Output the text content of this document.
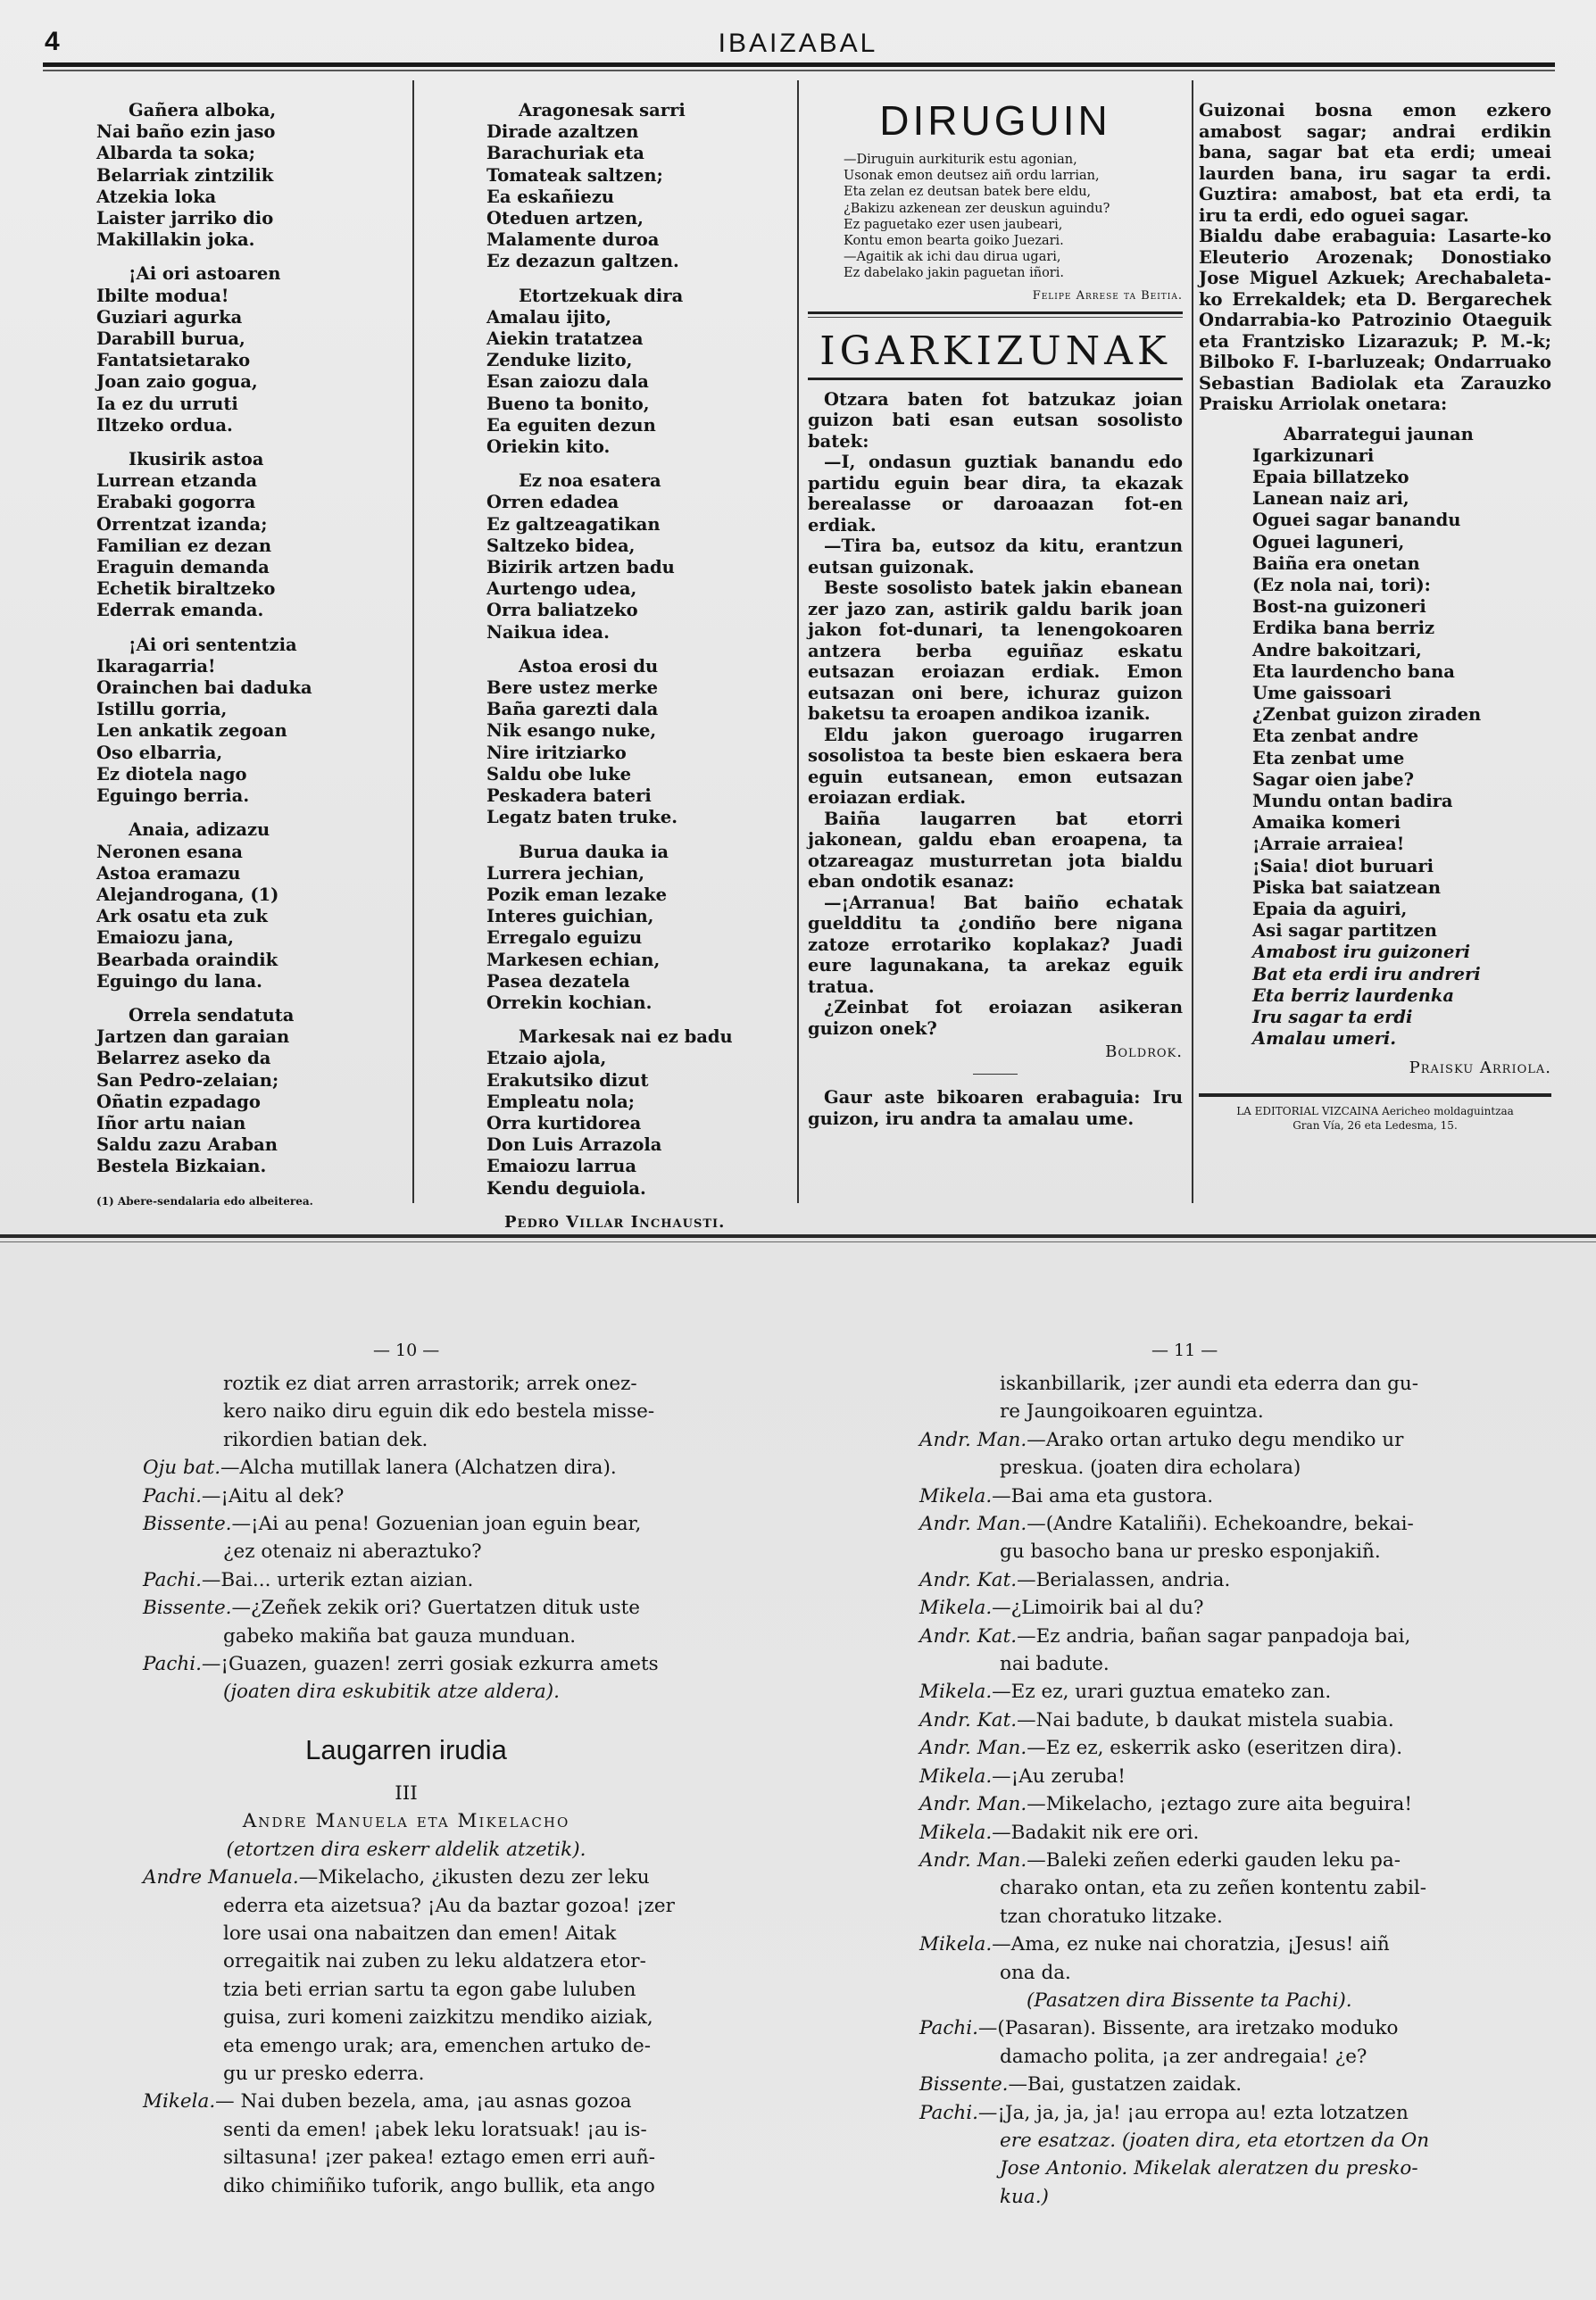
4	IBAIZABAL
Gañera alboka,
Nai baño ezin jaso
Albarda ta soka;
Belarriak zintzilik
Atzekia loka
Laister jarriko dio
Makillakin joka.
¡Ai ori astoaren
Ibilte modua!
Guziari agurka
Darabill burua,
Fantatsietarako
Joan zaio gogua,
Ia ez du urruti
Iltzeko ordua.
Ikusirik astoa
Lurrean etzanda
Erabaki gogorra
Orrentzat izanda;
Familian ez dezan
Eraguin demanda
Echetik biraltzeko
Ederrak emanda.
¡Ai ori sententzia
Ikaragarria!
Orainchen bai daduka
Istillu gorria,
Len ankatik zegoan
Oso elbarria,
Ez diotela nago
Eguingo berria.
Anaia, adizazu
Neronen esana
Astoa eramazu
Alejandrogana, (1)
Ark osatu eta zuk
Emaiozu jana,
Bearbada oraindik
Eguingo du lana.
Orrela sendatuta
Jartzen dan garaian
Belarrez aseko da
San Pedro-zelaian;
Oñatin ezpadago
Iñor artu naian
Saldu zazu Araban
Bestela Bizkaian.
(1) Abere-sendalaria edo albeiterea.
Aragonesak sarri
Dirade azaltzen
Barachuriak eta
Tomateak saltzen;
Ea eskañiezu
Oteduen artzen,
Malamente duroa
Ez dezazun galtzen.
Etortzekuak dira
Amalau ijito,
Aiekin tratatzea
Zenduke lizito,
Esan zaiozu dala
Bueno ta bonito,
Ea eguiten dezun
Oriekin kito.
Ez noa esatera
Orren edadea
Ez galtzeagatikan
Saltzeko bidea,
Bizirik artzen badu
Aurtengo udea,
Orra baliatzeko
Naikua idea.
Astoa erosi du
Bere ustez merke
Baña garezti dala
Nik esango nuke,
Nire iritziarko
Saldu obe luke
Peskadera bateri
Legatz baten truke.
Burua dauka ia
Lurrera jechian,
Pozik eman lezake
Interes guichian,
Erregalo eguizu
Markesen echian,
Pasea dezatela
Orrekin kochian.
Markesak nai ez badu
Etzaio ajola,
Erakutsiko dizut
Empleatu nola;
Orra kurtidorea
Don Luis Arrazola
Emaiozu larrua
Kendu deguiola.
Pedro Villar Inchausti.
DIRUGUIN
—Diruguin aurkiturik estu agonian,
Usonak emon deutsez aiñ ordu larrian,
Eta zelan ez deutsan batek bere eldu,
¿Bakizu azkenean zer deuskun aguindu?
Ez paguetako ezer usen jaubeari,
Kontu emon bearta goiko Juezari.
—Agaitik ak ichi dau dirua ugari,
Ez dabelako jakin paguetan iñori.
Felipe Arrese ta Beitia.
IGARKIZUNAK

Otzara baten fot batzukaz joian guizon bati esan eutsan sosolisto batek:

—I, ondasun guztiak banandu edo partidu eguin bear dira, ta ekazak berealasse or daroaazan fot-en erdiak.

—Tira ba, eutsoz da kitu, erantzun eutsan guizonak.

Beste sosolisto batek jakin ebanean zer jazo zan, astirik galdu barik joan jakon fot-dunari, ta lenengokoaren antzera berba eguiñaz eskatu eutsazan eroiazan erdiak. Emon eutsazan oni bere, ichuraz guizon baketsu ta eroapen andikoa izanik.

Eldu jakon gueroago irugarren sosolistoa ta beste bien eskaera bera eguin eutsanean, emon eutsazan eroiazan erdiak.

Baiña laugarren bat etorri jakonean, galdu eban eroapena, ta otzareagaz musturretan jota bialdu eban ondotik esanaz:

—¡Arranua! Bat baiño echatak gueldditu ta ¿ondiño bere nigana zatoze errotariko koplakaz? Juadi eure lagunakana, ta arekaz eguik tratua.

¿Zeinbat fot eroiazan asikeran guizon onek?

Boldrok.

Gaur aste bikoaren erabaguia: Iru guizon, iru andra ta amalau ume.

Guizonai bosna emon ezkero amabost sagar; andrai erdikin bana, sagar bat eta erdi; umeai laurden bana, iru sagar ta erdi. Guztira: amabost, bat eta erdi, ta iru ta erdi, edo oguei sagar.

Bialdu dabe erabaguia: Lasarte-ko Eleuterio Arozenak; Donostiako Jose Miguel Azkuek; Arechabaleta-ko Errekaldek; eta D. Bergarechek Ondarrabia-ko Patrozinio Otaeguik eta Frantzisko Lizarazuk; P. M.-k; Bilboko F. I-barluzeak; Ondarruako Sebastian Badiolak eta Zarauzko Praisku Arriolak onetara:

Abarrategui jaunan
Igarkizunari
Epaia billatzeko
Lanean naiz ari,
Oguei sagar banandu
Oguei laguneri,
Baiña era onetan
(Ez nola nai, tori):
Bost-na guizoneri
Erdika bana berriz
Andre bakoitzari,
Eta laurdencho bana
Ume gaissoari
¿Zenbat guizon ziraden
Eta zenbat andre
Eta zenbat ume
Sagar oien jabe?
Mundu ontan badira
Amaika komeri
¡Arraie arraiea!
¡Saia! diot buruari
Piska bat saiatzean
Epaia da aguiri,
Asi sagar partitzen
Amabost iru guizoneri
Bat eta erdi iru andreri
Eta berriz laurdenka
Iru sagar ta erdi
Amalau umeri.
Praisku Arriola.
LA EDITORIAL VIZCAINA Aericheo moldaguintzaa
Gran Vía, 26 eta Ledesma, 15.
— 10 —
roztik ez diat arren arrastorik; arrek onez-
kero naiko diru eguin dik edo bestela misse-
rikordien batian dek.
Oju bat.—Alcha mutillak lanera (Alchatzen dira).
Pachi.—¡Aitu al dek?
Bissente.—¡Ai au pena! Gozuenian joan eguin bear,
¿ez otenaiz ni aberaztuko?
Pachi.—Bai... urterik eztan aizian.
Bissente.—¿Zeñek zekik ori? Guertatzen dituk uste
gabeko makiña bat gauza munduan.
Pachi.—¡Guazen, guazen! zerri gosiak ezkurra amets
(joaten dira eskubitik atze aldera).
Laugarren irudia
III
Andre Manuela eta Mikelacho
(etortzen dira eskerr aldelik atzetik).
Andre Manuela.—Mikelacho, ¿ikusten dezu zer leku
ederra eta aizetsua? ¡Au da baztar gozoa! ¡zer
lore usai ona nabaitzen dan emen! Aitak
orregaitik nai zuben zu leku aldatzera etor-
tzia beti errian sartu ta egon gabe luluben
guisa, zuri komeni zaizkitzu mendiko aiziak,
eta emengo urak; ara, emenchen artuko de-
gu ur presko ederra.
Mikela.— Nai duben bezela, ama, ¡au asnas gozoa
senti da emen! ¡abek leku loratsuak! ¡au is-
siltasuna! ¡zer pakea! eztago emen erri auñ-
diko chimiñiko tuforik, ango bullik, eta ango
— 11 —
iskanbillarik, ¡zer aundi eta ederra dan gu-
re Jaungoikoaren eguintza.
Andr. Man.—Arako ortan artuko degu mendiko ur
preskua. (joaten dira echolara)
Mikela.—Bai ama eta gustora.
Andr. Man.—(Andre Kataliñi). Echekoandre, bekai-
gu basocho bana ur presko esponjakiñ.
Andr. Kat.—Berialassen, andria.
Mikela.—¿Limoirik bai al du?
Andr. Kat.—Ez andria, bañan sagar panpadoja bai,
nai badute.
Mikela.—Ez ez, urari guztua emateko zan.
Andr. Kat.—Nai badute, b daukat mistela suabia.
Andr. Man.—Ez ez, eskerrik asko (eseritzen dira).
Mikela.—¡Au zeruba!
Andr. Man.—Mikelacho, ¡eztago zure aita beguira!
Mikela.—Badakit nik ere ori.
Andr. Man.—Baleki zeñen ederki gauden leku pa-
charako ontan, eta zu zeñen kontentu zabil-
tzan choratuko litzake.
Mikela.—Ama, ez nuke nai choratzia, ¡Jesus! aiñ
ona da.
(Pasatzen dira Bissente ta Pachi).
Pachi.—(Pasaran). Bissente, ara iretzako moduko
damacho polita, ¡a zer andregaia! ¿e?
Bissente.—Bai, gustatzen zaidak.
Pachi.—¡Ja, ja, ja, ja! ¡au erropa au! ezta lotzatzen
ere esatzaz. (joaten dira, eta etortzen da On
Jose Antonio. Mikelak aleratzen du presko-
kua.)
